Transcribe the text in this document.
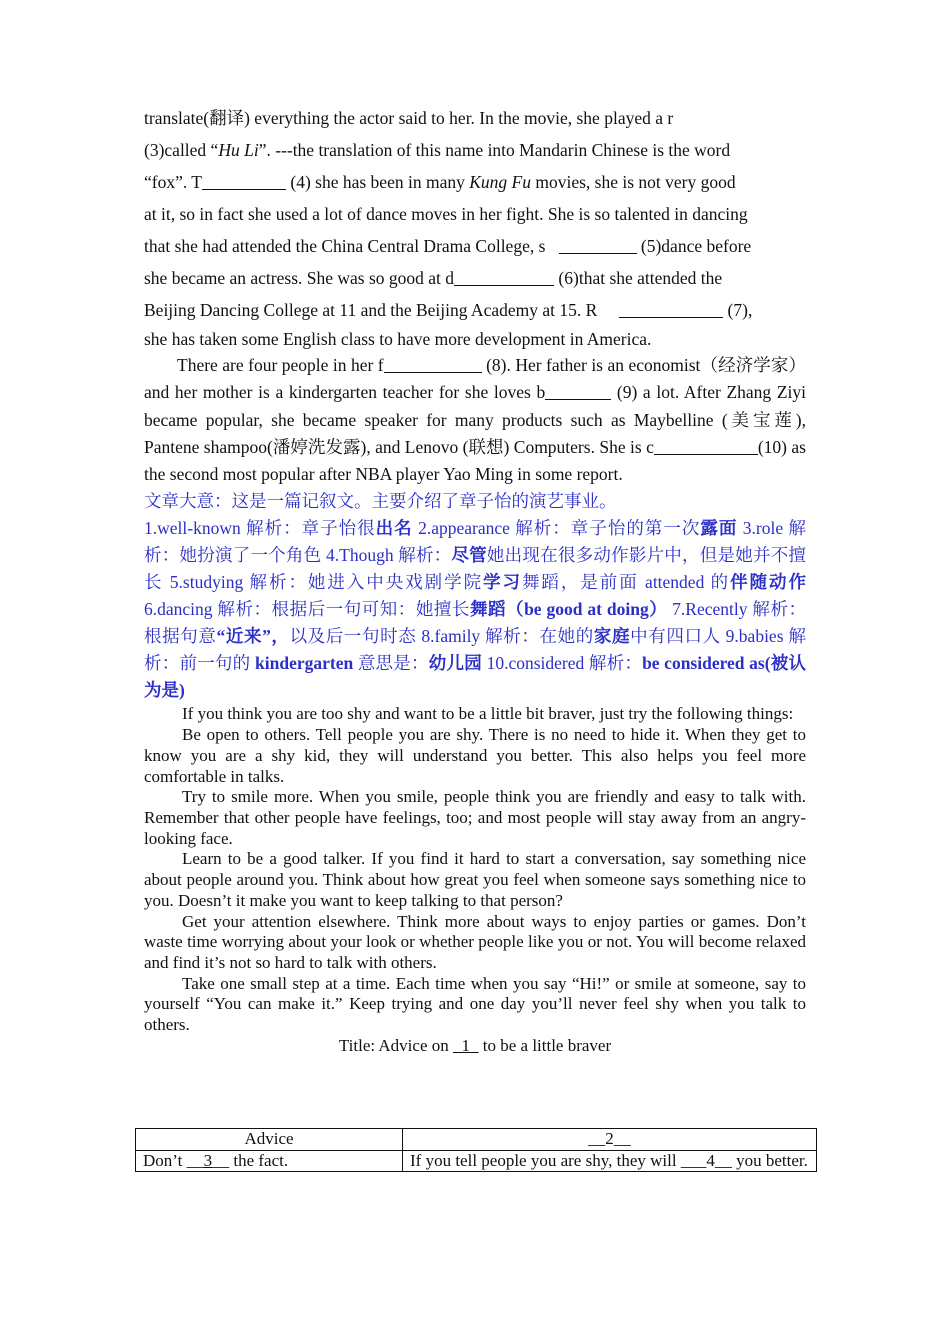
translate(翻译) everything the actor said to her. In the movie, she played a r

(3)called “Hu Li”. ---the translation of this name into Mandarin Chinese is the word

“fox”. T	(4) she has been in many Kung Fu movies, she is not very good

at it, so in fact she used a lot of dance moves in her fight. She is so talented in dancing

that she had attended the China Central Drama College, s	(5)dance before

she became an actress. She was so good at d	(6)that she attended the

Beijing Dancing College at 11 and the Beijing Academy at 15. R	(7),

she has taken some English class to have more development in America.

There are four people in her f	(8). Her father is an economist（经济学家）and her mother is a kindergarten teacher for she loves b	(9) a lot. After Zhang Ziyi became popular, she became speaker for many products such as Maybelline (美宝莲), Pantene shampoo(潘婷洗发露), and Lenovo (联想) Computers. She is c	(10) as the second most popular after NBA player Yao Ming in some report.

文章大意：这是一篇记叙文。主要介绍了章子怡的演艺事业。

1.well-known 解析：章子怡很出名 2.appearance 解析：章子怡的第一次露面 3.role 解析：她扮演了一个角色 4.Though 解析：尽管她出现在很多动作影片中，但是她并不擅长 5.studying 解析：她进入中央戏剧学院学习舞蹈，是前面 attended 的伴随动作 6.dancing 解析：根据后一句可知：她擅长舞蹈（be good at doing） 7.Recently 解析：根据句意“近来”，以及后一句时态 8.family 解析：在她的家庭中有四口人 9.babies 解析：前一句的 kindergarten 意思是：幼儿园 10.considered 解析：be considered as(被认为是)

If you think you are too shy and want to be a little bit braver, just try the following things:

Be open to others. Tell people you are shy. There is no need to hide it. When they get to know you are a shy kid, they will understand you better. This also helps you feel more comfortable in talks.

Try to smile more. When you smile, people think you are friendly and easy to talk with. Remember that other people have feelings, too; and most people will stay away from an angry-looking face.

Learn to be a good talker. If you find it hard to start a conversation, say something nice about people around you. Think about how great you feel when someone says something nice to you. Doesn’t it make you want to keep talking to that person?

Get your attention elsewhere. Think more about ways to enjoy parties or games. Don’t waste time worrying about your look or whether people like you or not. You will become relaxed and find it’s not so hard to talk with others.

Take one small step at a time. Each time when you say “Hi!” or smile at someone, say to yourself “You can make it.” Keep trying and one day you’ll never feel shy when you talk to others.

Title: Advice on _1_ to be a little braver

Advice	__2__
Don’t __3__ the fact.	If you tell people you are shy, they will ___4__ you better.
